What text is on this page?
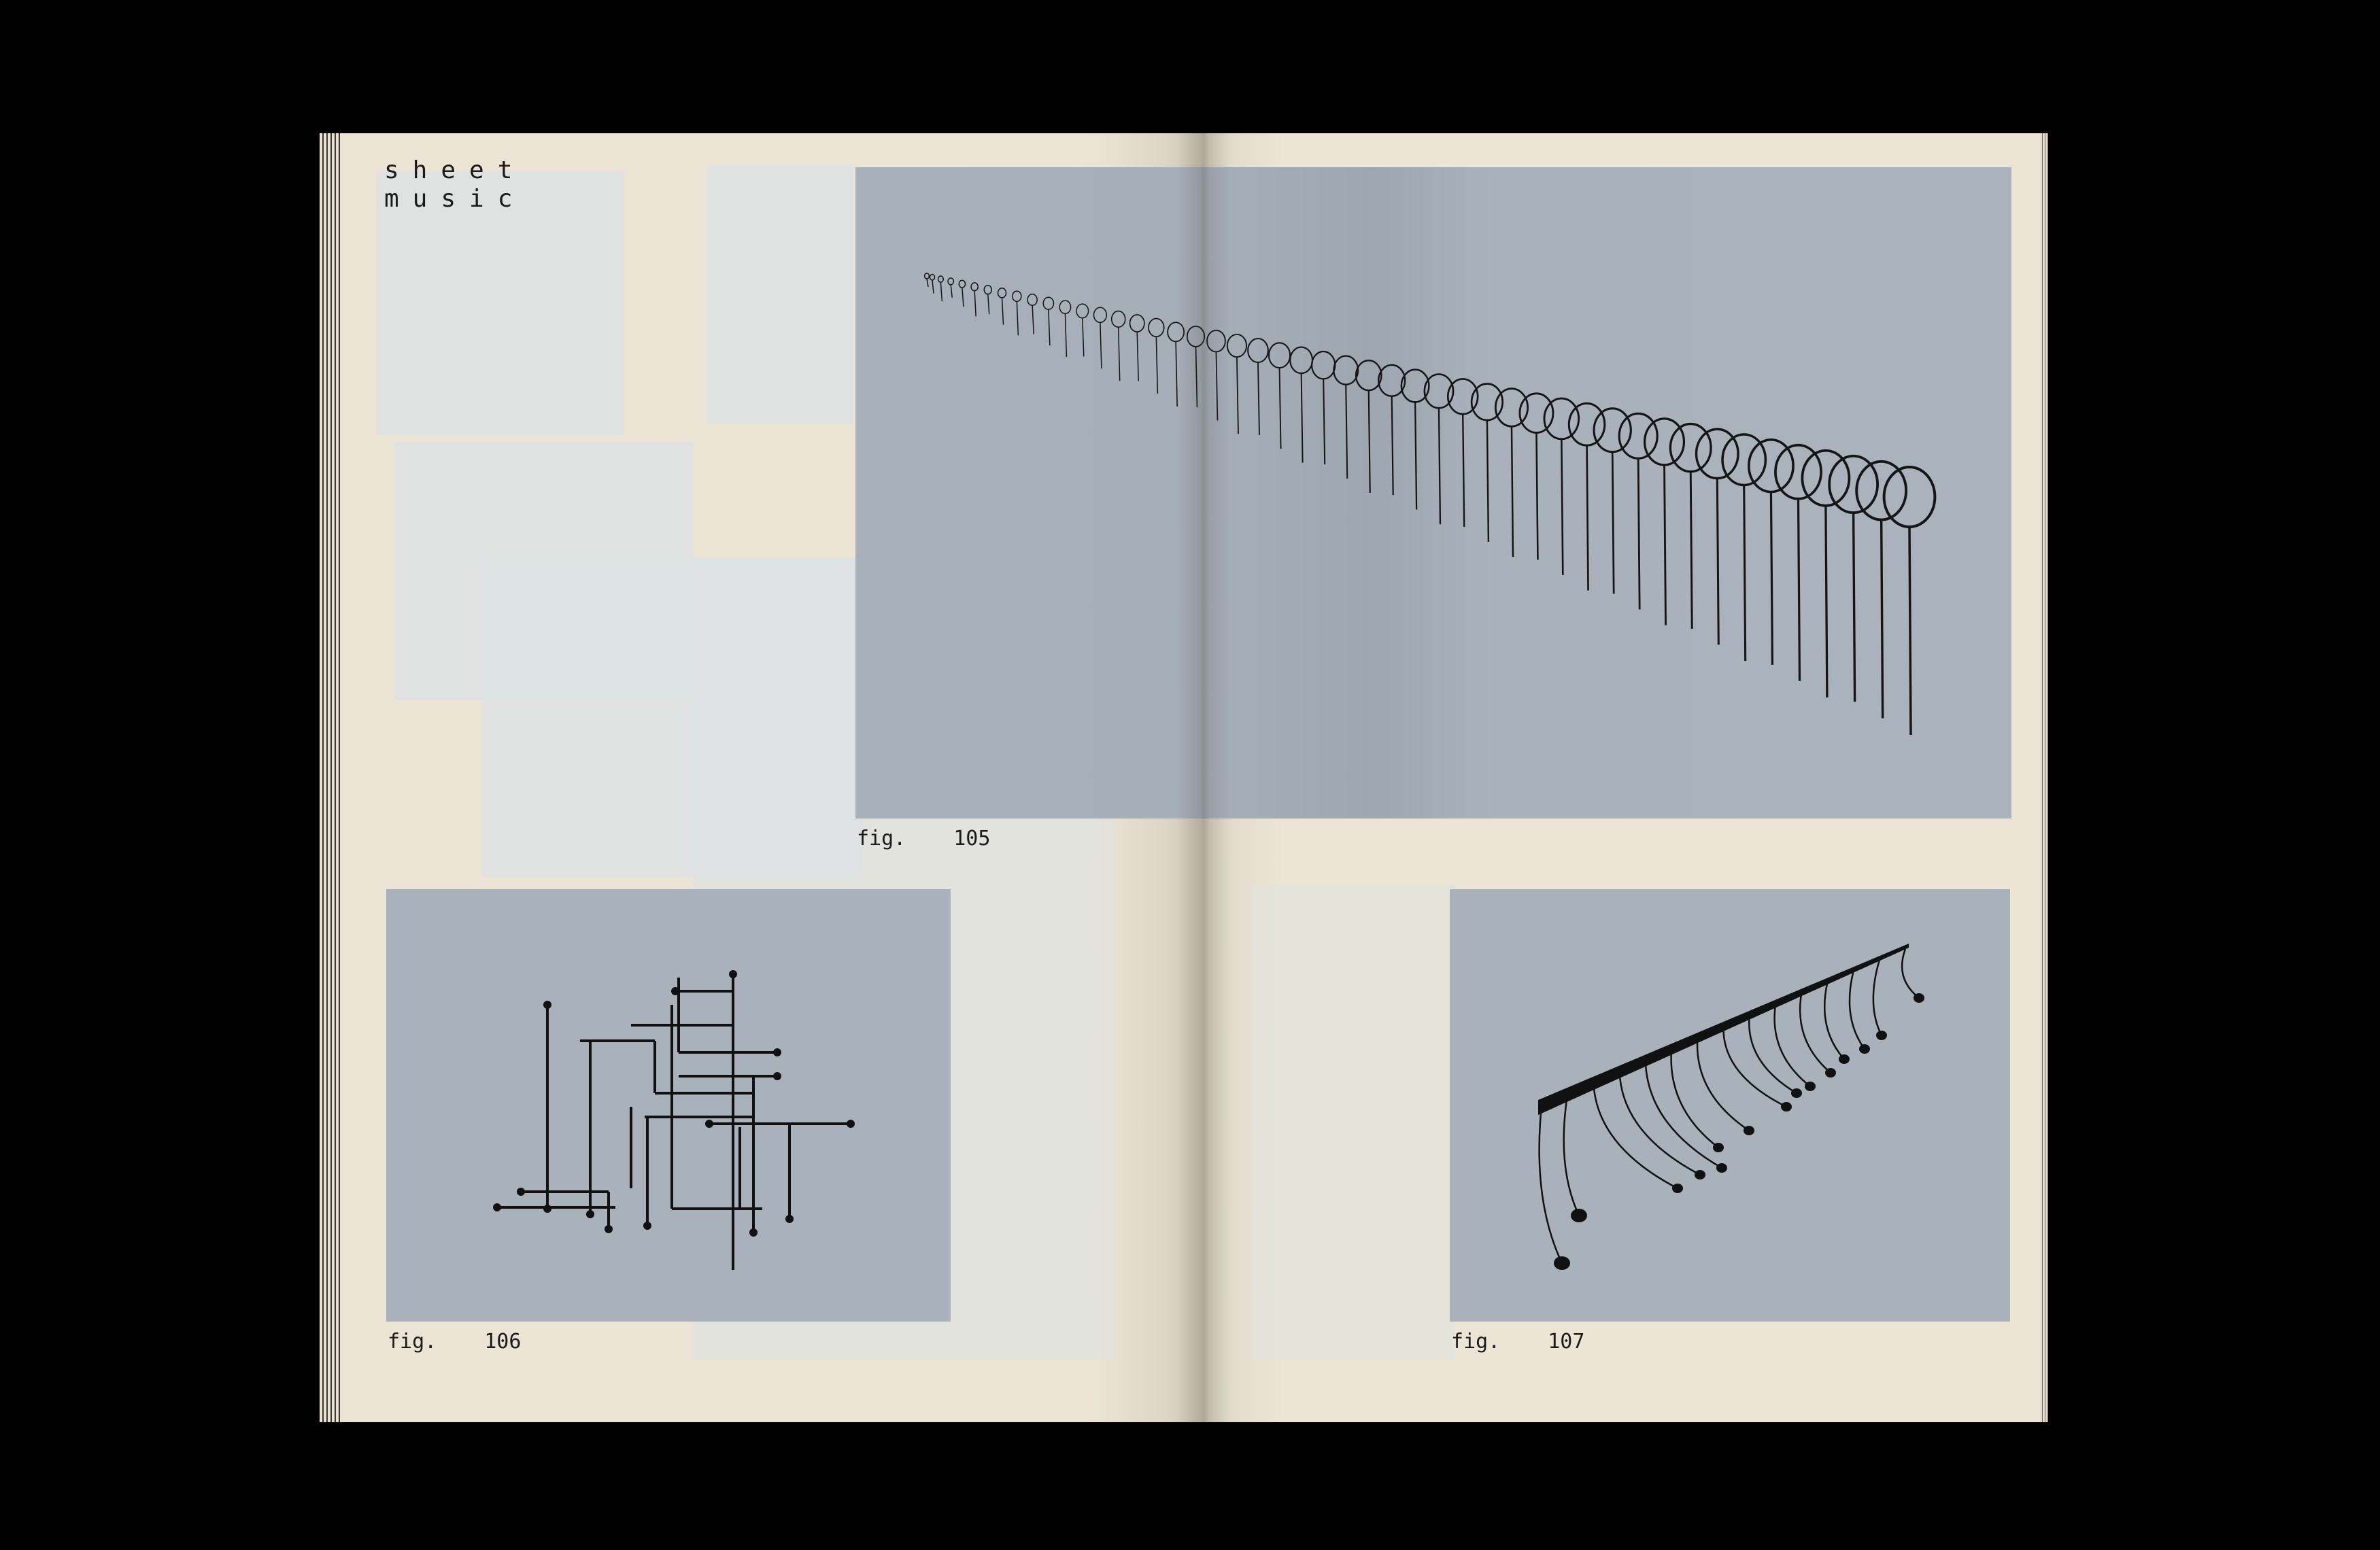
sheet
music
fig. 105
fig. 106	fig. 107
